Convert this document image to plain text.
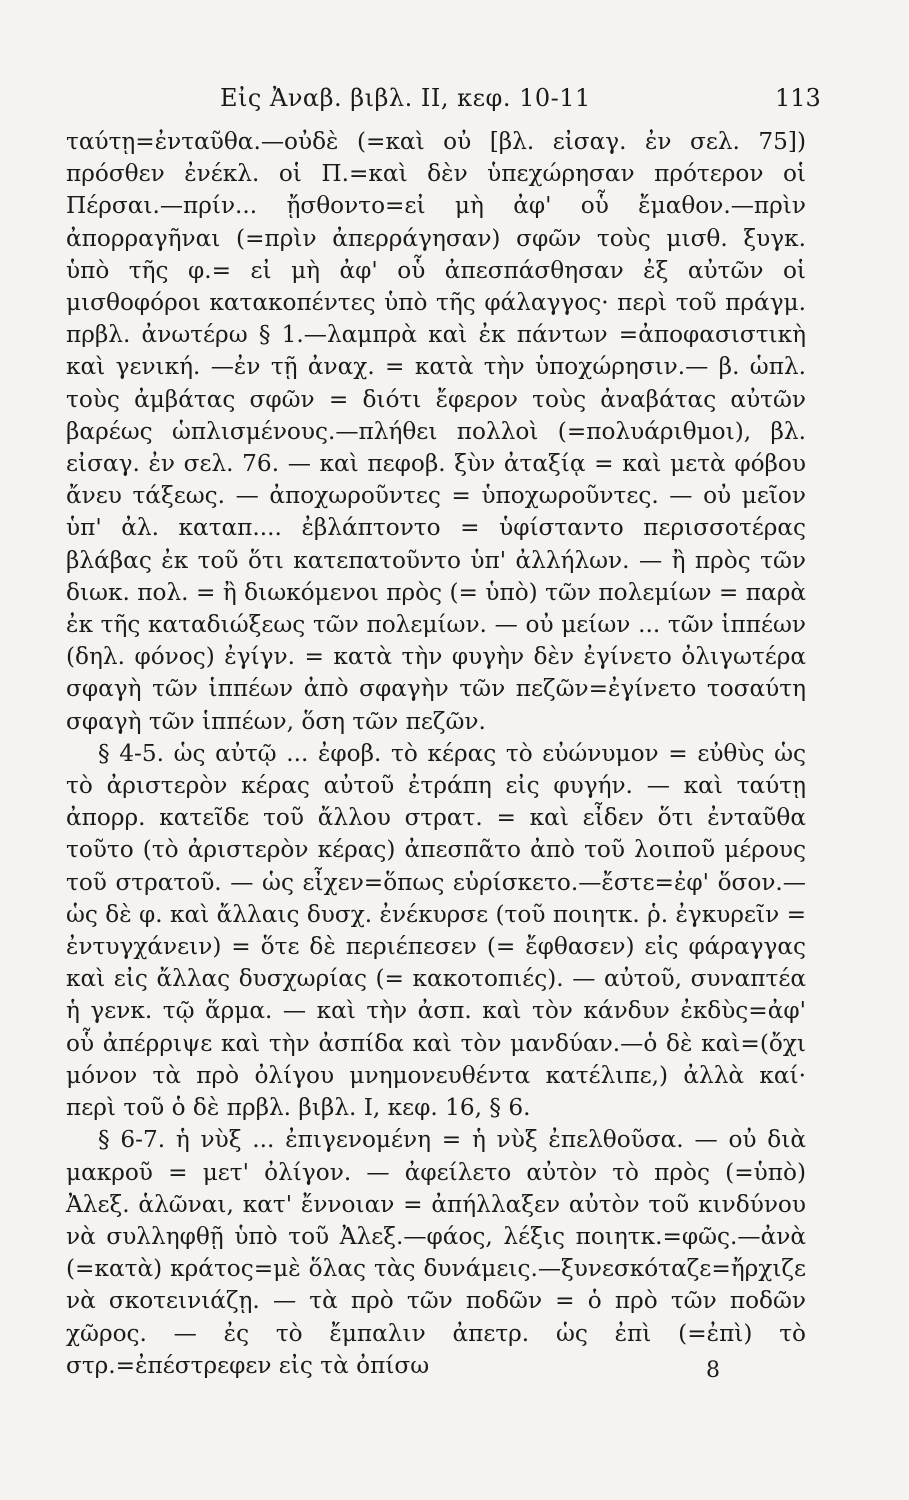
Εἰς Ἀναβ. βιβλ. ΙΙ, κεφ. 10-11	113

ταύτῃ=ἐνταῦθα.—οὐδὲ (=καὶ οὐ [βλ. εἰσαγ. ἐν σελ. 75]) πρόσθεν ἐνέκλ. οἱ Π.=καὶ δὲν ὑπεχώρησαν πρότερον οἱ Πέρσαι.—πρίν... ᾔσθοντο=εἰ μὴ ἀφ' οὗ ἔμαθον.—πρὶν ἀπορραγῆναι (=πρὶν ἀπερράγησαν) σφῶν τοὺς μισθ. ξυγκ. ὑπὸ τῆς φ.= εἰ μὴ ἀφ' οὗ ἀπεσπάσθησαν ἐξ αὐτῶν οἱ μισθοφόροι κατακοπέντες ὑπὸ τῆς φάλαγγος· περὶ τοῦ πράγμ. πρβλ. ἀνωτέρω § 1.—λαμπρὰ καὶ ἐκ πάντων =ἀποφασιστικὴ καὶ γενική. —ἐν τῇ ἀναχ. = κατὰ τὴν ὑποχώρησιν.— β. ὡπλ. τοὺς ἀμβάτας σφῶν = διότι ἔφερον τοὺς ἀναβάτας αὐτῶν βαρέως ὡπλισμένους.—πλήθει πολλοὶ (=πολυάριθμοι), βλ. εἰσαγ. ἐν σελ. 76. — καὶ πεφοβ. ξὺν ἀταξίᾳ = καὶ μετὰ φόβου ἄνευ τάξεως. — ἀποχωροῦντες = ὑποχωροῦντες. — οὐ μεῖον ὑπ' ἀλ. καταπ.... ἐβλάπτοντο = ὑφίσταντο περισσοτέρας βλάβας ἐκ τοῦ ὅτι κατεπατοῦντο ὑπ' ἀλλήλων. — ἢ πρὸς τῶν διωκ. πολ. = ἢ διωκόμενοι πρὸς (= ὑπὸ) τῶν πολεμίων = παρὰ ἐκ τῆς καταδιώξεως τῶν πολεμίων. — οὐ μείων ... τῶν ἱππέων (δηλ. φόνος) ἐγίγν. = κατὰ τὴν φυγὴν δὲν ἐγίνετο ὀλιγωτέρα σφαγὴ τῶν ἱππέων ἀπὸ σφαγὴν τῶν πεζῶν=ἐγίνετο τοσαύτη σφαγὴ τῶν ἱππέων, ὅση τῶν πεζῶν.

§ 4-5. ὡς αὐτῷ ... ἐφοβ. τὸ κέρας τὸ εὐώνυμον = εὐθὺς ὡς τὸ ἀριστερὸν κέρας αὐτοῦ ἐτράπη εἰς φυγήν. — καὶ ταύτῃ ἀπορρ. κατεῖδε τοῦ ἄλλου στρατ. = καὶ εἶδεν ὅτι ἐνταῦθα τοῦτο (τὸ ἀριστερὸν κέρας) ἀπεσπᾶτο ἀπὸ τοῦ λοιποῦ μέρους τοῦ στρατοῦ. — ὡς εἶχεν=ὅπως εὑρίσκετο.—ἔστε=ἐφ' ὅσον.—ὡς δὲ φ. καὶ ἄλλαις δυσχ. ἐνέκυρσε (τοῦ ποιητκ. ῥ. ἐγκυρεῖν = ἐντυγχάνειν) = ὅτε δὲ περιέπεσεν (= ἔφθασεν) εἰς φάραγγας καὶ εἰς ἄλλας δυσχωρίας (= κακοτοπιές). — αὐτοῦ, συναπτέα ἡ γενκ. τῷ ἅρμα. — καὶ τὴν ἀσπ. καὶ τὸν κάνδυν ἐκδὺς=ἀφ' οὗ ἀπέρριψε καὶ τὴν ἀσπίδα καὶ τὸν μανδύαν.—ὁ δὲ καὶ=(ὄχι μόνον τὰ πρὸ ὀλίγου μνημονευθέντα κατέλιπε,) ἀλλὰ καί· περὶ τοῦ ὁ δὲ πρβλ. βιβλ. Ι, κεφ. 16, § 6.

§ 6-7. ἡ νὺξ ... ἐπιγενομένη = ἡ νὺξ ἐπελθοῦσα. — οὐ διὰ μακροῦ = μετ' ὀλίγον. — ἀφείλετο αὐτὸν τὸ πρὸς (=ὑπὸ) Ἀλεξ. ἁλῶναι, κατ' ἔννοιαν = ἀπήλλαξεν αὐτὸν τοῦ κινδύνου νὰ συλληφθῇ ὑπὸ τοῦ Ἀλεξ.—φάος, λέξις ποιητκ.=φῶς.—ἀνὰ (=κατὰ) κράτος=μὲ ὅλας τὰς δυνάμεις.—ξυνεσκόταζε=ἤρχιζε νὰ σκοτεινιάζῃ. — τὰ πρὸ τῶν ποδῶν = ὁ πρὸ τῶν ποδῶν χῶρος. — ἐς τὸ ἔμπαλιν ἀπετρ. ὡς ἐπὶ (=ἐπὶ) τὸ στρ.=ἐπέστρεφεν εἰς τὰ ὀπίσω	8
